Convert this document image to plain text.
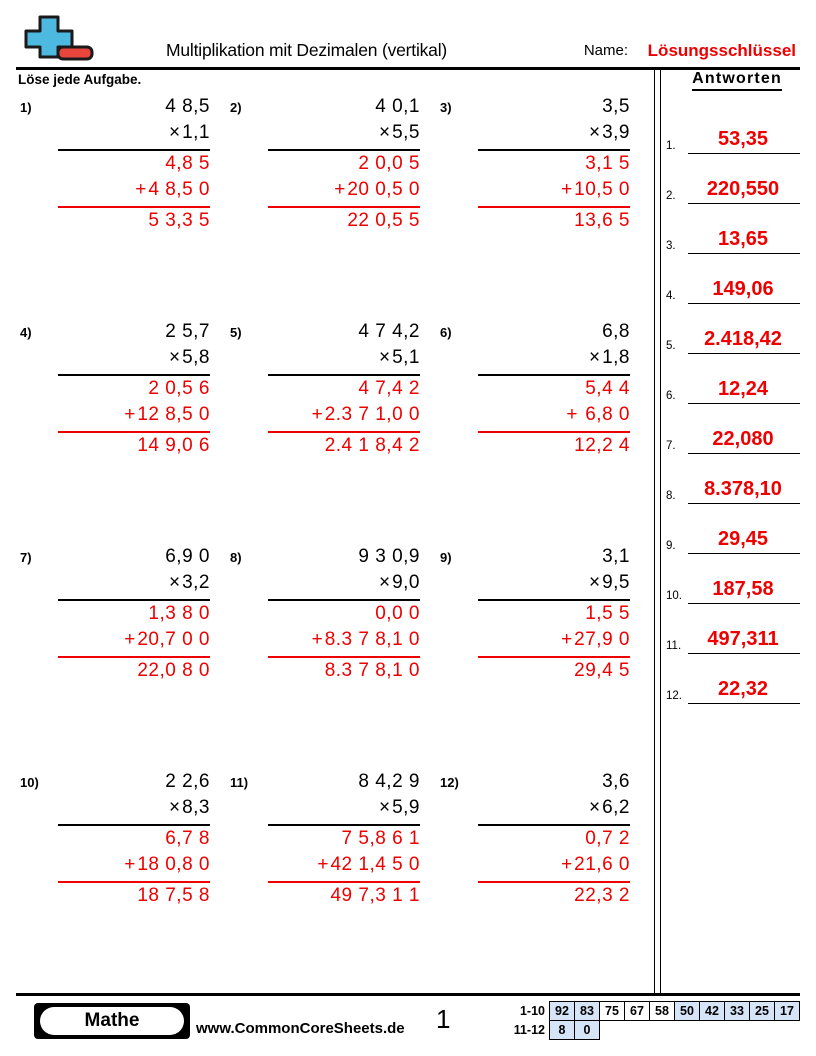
Multiplikation mit Dezimalen (vertikal)	Name: Lösungsschlüssel
Löse jede Aufgabe.	Antworten
1)	4 8,5
× 1,1
4,8 5
+ 4 8,5 0
5 3,3 5
2)	4 0,1
× 5,5
2 0,0 5
+ 20 0,5 0
22 0,5 5
3)	3,5
× 3,9
3,1 5
+ 10,5 0
13,6 5
4)	2 5,7
× 5,8
2 0,5 6
+ 12 8,5 0
14 9,0 6
5)	4 7 4,2
× 5,1
4 7,4 2
+ 2.3 7 1,0 0
2.4 1 8,4 2
6)	6,8
× 1,8
5,4 4
+ 6,8 0
12,2 4
7)	6,9 0
× 3,2
1,3 8 0
+ 20,7 0 0
22,0 8 0
8)	9 3 0,9
× 9,0
0,0 0
+ 8.3 7 8,1 0
8.3 7 8,1 0
9)	3,1
× 9,5
1,5 5
+ 27,9 0
29,4 5
10)	2 2,6
× 8,3
6,7 8
+ 18 0,8 0
18 7,5 8
11)	8 4,2 9
× 5,9
7 5,8 6 1
+ 42 1,4 5 0
49 7,3 1 1
12)	3,6
× 6,2
0,7 2
+ 21,6 0
22,3 2
1.	53,35
2.	220,550
3.	13,65
4.	149,06
5.	2.418,42
6.	12,24
7.	22,080
8.	8.378,10
9.	29,45
10.	187,58
11.	497,311
12.	22,32
Mathe	www.CommonCoreSheets.de 1	1-10 92 83 75 67 58 50 42 33 25 17
11-12	8	0
